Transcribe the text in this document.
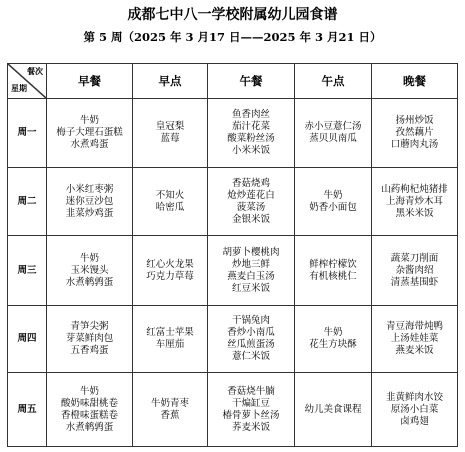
成都七中八一学校附属幼儿园食谱
第 5 周（2025 年 3 月17 日——2025 年 3 月21 日）
餐次
星期	早餐	早点	午餐	午点	晚餐
周一	牛奶
梅子大理石蛋糕
水煮鸡蛋	皇冠梨
蓝莓	鱼香肉丝
茄汁花菜
酸菜粉丝汤
小米米饭	赤小豆薏仁汤
蒸贝贝南瓜	扬州炒饭
孜然藕片
口蘑肉丸汤

周二	小米红枣粥
迷你豆沙包
韭菜炒鸡蛋	不知火
哈密瓜	香菇烧鸡
炝炒莲花白
菠菜汤
金银米饭	牛奶
奶香小面包	山药枸杞炖猪排
上海青炒木耳
黑米米饭

周三	牛奶
玉米馒头
水煮鹌鹑蛋	红心火龙果
巧克力草莓	胡萝卜樱桃肉
炒地三鲜
燕麦白玉汤
红豆米饭	鲜榨柠檬饮
有机核桃仁	蔬菜刀削面
杂酱肉绍
清蒸基围虾

周四	青笋尖粥
芽菜鲜肉包
五香鸡蛋	红富士苹果
车厘茄	干锅兔肉
香炒小南瓜
丝瓜煎蛋汤
薏仁米饭	牛奶
花生方块酥	青豆海带炖鸭
上汤娃娃菜
燕麦米饭

周五	牛奶
酸奶味甜桃卷
香橙味蛋糕卷
水煮鹌鹑蛋	牛奶青枣
香蕉	香菇烧牛腩
干煸缸豆
椿骨萝卜丝汤
荞麦米饭	幼儿美食课程	韭黄鲜肉水饺
原汤小白菜
卤鸡翅
